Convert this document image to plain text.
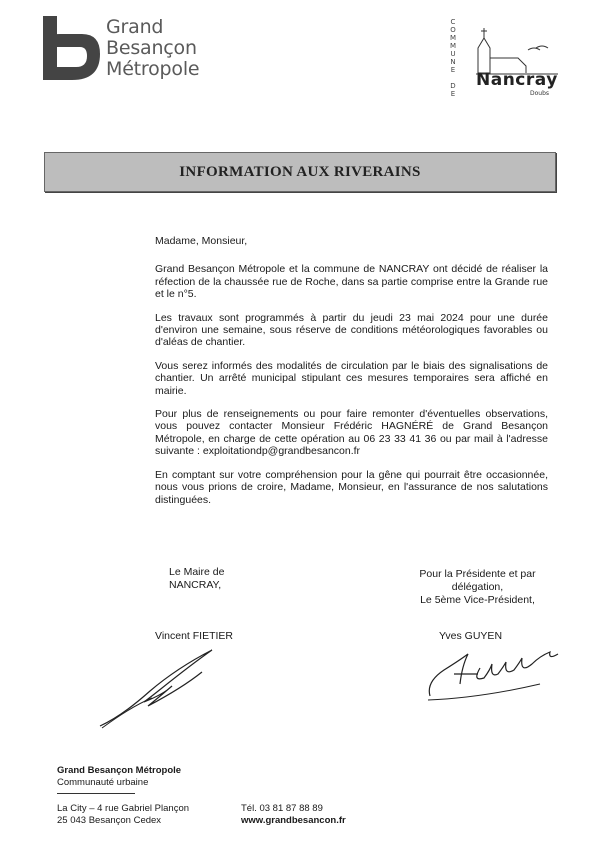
Grand
Besançon
Métropole
C
O
M
M
U
N
E

D
E
Nancray
Doubs
INFORMATION AUX RIVERAINS

Madame, Monsieur,

Grand Besançon Métropole et la commune de NANCRAY ont décidé de réaliser la réfection de la chaussée rue de Roche, dans sa partie comprise entre la Grande rue et le n°5.

Les travaux sont programmés à partir du jeudi 23 mai 2024 pour une durée d'environ une semaine, sous réserve de conditions météorologiques favorables ou d'aléas de chantier.

Vous serez informés des modalités de circulation par le biais des signalisations de chantier. Un arrêté municipal stipulant ces mesures temporaires sera affiché en mairie.

Pour plus de renseignements ou pour faire remonter d'éventuelles observations, vous pouvez contacter Monsieur Frédéric HAGNÉRÉ de Grand Besançon Métropole, en charge de cette opération au 06 23 33 41 36 ou par mail à l'adresse suivante : exploitationdp@grandbesancon.fr

En comptant sur votre compréhension pour la gêne qui pourrait être occasionnée, nous vous prions de croire, Madame, Monsieur, en l'assurance de nos salutations distinguées.

Le Maire de
NANCRAY,
Pour la Présidente et par
délégation,
Le 5ème Vice-Président,
Vincent FIETIER	Yves GUYEN
Grand Besançon Métropole
Communauté urbaine
La City – 4 rue Gabriel Plançon
25 043 Besançon Cedex
Tél. 03 81 87 88 89
www.grandbesancon.fr
